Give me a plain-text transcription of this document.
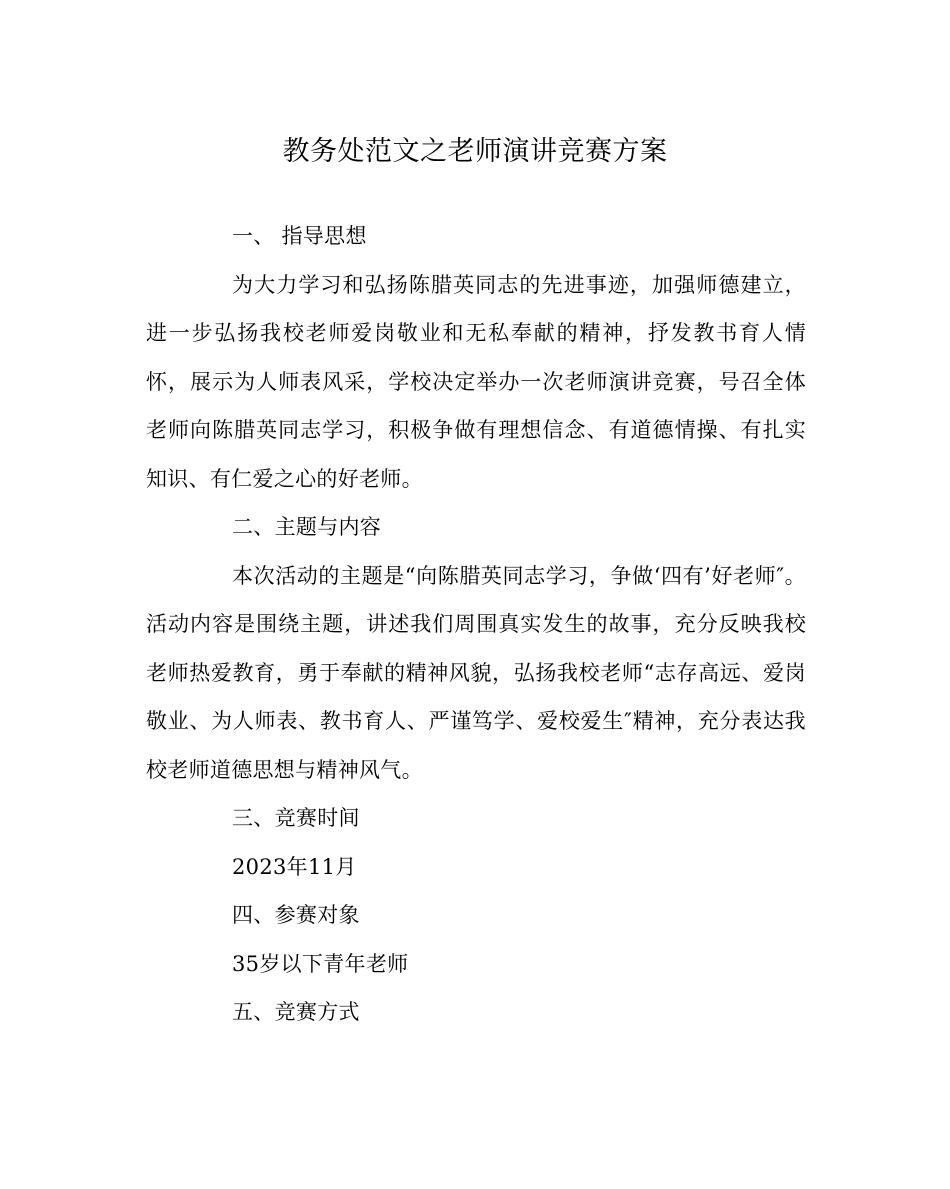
教务处范文之老师演讲竞赛方案

一、 指导思想

为大力学习和弘扬陈腊英同志的先进事迹，加强师德建立，进一步弘扬我校老师爱岗敬业和无私奉献的精神，抒发教书育人情怀，展示为人师表风采，学校决定举办一次老师演讲竞赛，号召全体老师向陈腊英同志学习，积极争做有理想信念、有道德情操、有扎实知识、有仁爱之心的好老师。

二、主题与内容

本次活动的主题是“向陈腊英同志学习，争做‘四有’好老师″。活动内容是围绕主题，讲述我们周围真实发生的故事，充分反映我校老师热爱教育，勇于奉献的精神风貌，弘扬我校老师“志存高远、爱岗敬业、为人师表、教书育人、严谨笃学、爱校爱生″精神，充分表达我校老师道德思想与精神风气。

三、竞赛时间

2023年11月

四、参赛对象

35岁以下青年老师

五、竞赛方式
